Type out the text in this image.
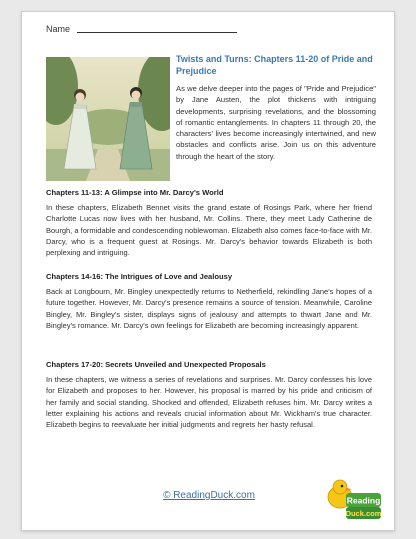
Name
Twists and Turns: Chapters 11-20 of Pride and Prejudice
As we delve deeper into the pages of "Pride and Prejudice" by Jane Austen, the plot thickens with intriguing developments, surprising revelations, and the blossoming of romantic entanglements. In chapters 11 through 20, the characters' lives become increasingly intertwined, and new obstacles and conflicts arise. Join us on this adventure through the heart of the story.
Chapters 11-13: A Glimpse into Mr. Darcy's World

In these chapters, Elizabeth Bennet visits the grand estate of Rosings Park, where her friend Charlotte Lucas now lives with her husband, Mr. Collins. There, they meet Lady Catherine de Bourgh, a formidable and condescending noblewoman. Elizabeth also comes face-to-face with Mr. Darcy, who is a frequent guest at Rosings. Mr. Darcy's behavior towards Elizabeth is both perplexing and intriguing.

Chapters 14-16: The Intrigues of Love and Jealousy

Back at Longbourn, Mr. Bingley unexpectedly returns to Netherfield, rekindling Jane's hopes of a future together. However, Mr. Darcy's presence remains a source of tension. Meanwhile, Caroline Bingley, Mr. Bingley's sister, displays signs of jealousy and attempts to thwart Jane and Mr. Bingley's romance. Mr. Darcy's own feelings for Elizabeth are becoming increasingly apparent.

Chapters 17-20: Secrets Unveiled and Unexpected Proposals

In these chapters, we witness a series of revelations and surprises. Mr. Darcy confesses his love for Elizabeth and proposes to her. However, his proposal is marred by his pride and criticism of her family and social standing. Shocked and offended, Elizabeth refuses him. Mr. Darcy writes a letter explaining his actions and reveals crucial information about Mr. Wickham's true character. Elizabeth begins to reevaluate her initial judgments and regrets her hasty refusal.

© ReadingDuck.com	Reading
Duck.com
